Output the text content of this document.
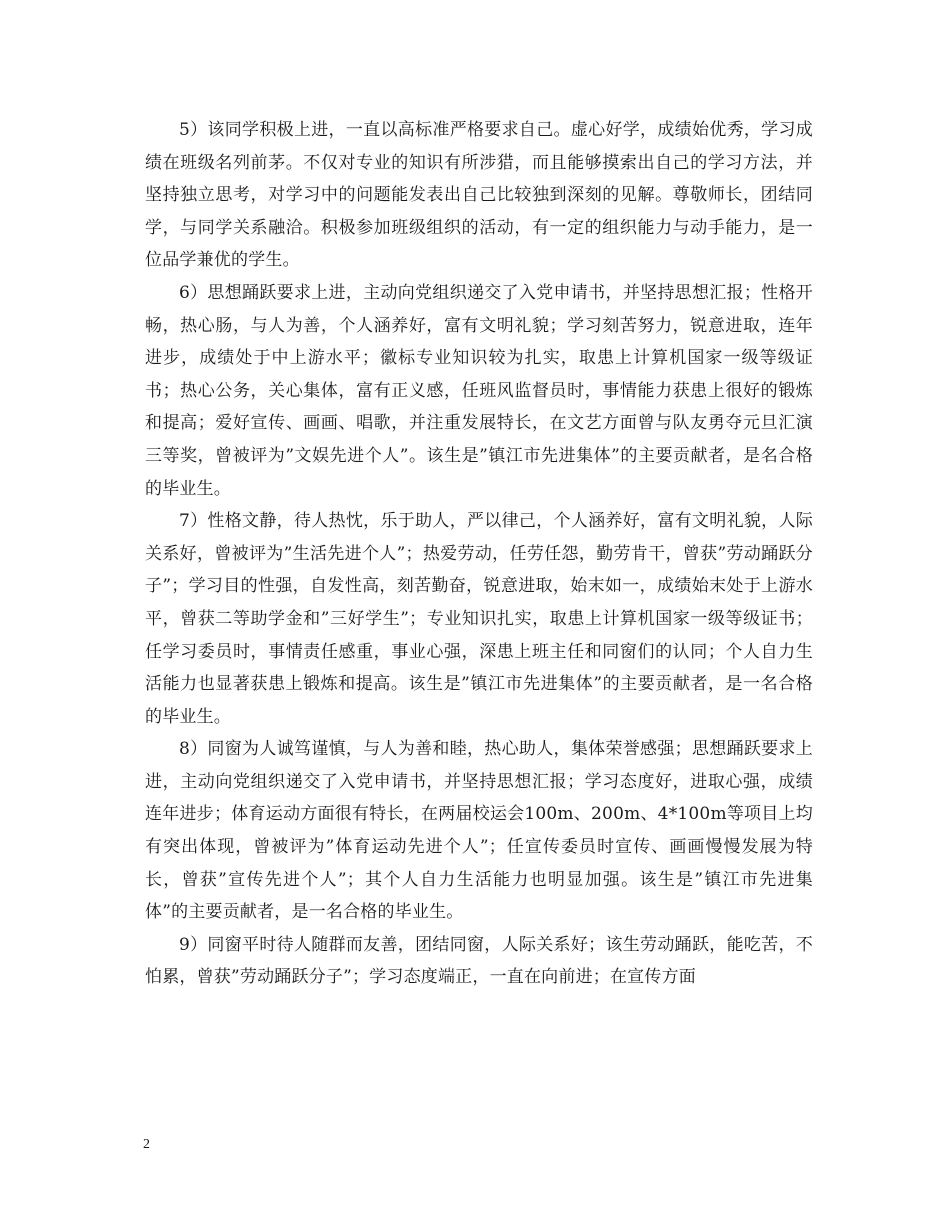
5）该同学积极上进，一直以高标准严格要求自己。虚心好学，成绩始优秀，学习成绩在班级名列前茅。不仅对专业的知识有所涉猎，而且能够摸索出自己的学习方法，并坚持独立思考，对学习中的问题能发表出自己比较独到深刻的见解。尊敬师长，团结同学，与同学关系融洽。积极参加班级组织的活动，有一定的组织能力与动手能力，是一位品学兼优的学生。

6）思想踊跃要求上进，主动向党组织递交了入党申请书，并坚持思想汇报；性格开畅，热心肠，与人为善，个人涵养好，富有文明礼貌；学习刻苦努力，锐意进取，连年进步，成绩处于中上游水平；徽标专业知识较为扎实，取患上计算机国家一级等级证书；热心公务，关心集体，富有正义感，任班风监督员时，事情能力获患上很好的锻炼和提高；爱好宣传、画画、唱歌，并注重发展特长，在文艺方面曾与队友勇夺元旦汇演三等奖，曾被评为”文娱先进个人”。该生是”镇江市先进集体”的主要贡献者，是名合格的毕业生。

7）性格文静，待人热忱，乐于助人，严以律己，个人涵养好，富有文明礼貌，人际关系好，曾被评为”生活先进个人”；热爱劳动，任劳任怨，勤劳肯干，曾获”劳动踊跃分子”；学习目的性强，自发性高，刻苦勤奋，锐意进取，始末如一，成绩始末处于上游水平，曾获二等助学金和”三好学生”；专业知识扎实，取患上计算机国家一级等级证书；任学习委员时，事情责任感重，事业心强，深患上班主任和同窗们的认同；个人自力生活能力也显著获患上锻炼和提高。该生是”镇江市先进集体”的主要贡献者，是一名合格的毕业生。

8）同窗为人诚笃谨慎，与人为善和睦，热心助人，集体荣誉感强；思想踊跃要求上进，主动向党组织递交了入党申请书，并坚持思想汇报；学习态度好，进取心强，成绩连年进步；体育运动方面很有特长，在两届校运会100m、200m、4*100m等项目上均有突出体现，曾被评为”体育运动先进个人”；任宣传委员时宣传、画画慢慢发展为特长，曾获”宣传先进个人”；其个人自力生活能力也明显加强。该生是”镇江市先进集体”的主要贡献者，是一名合格的毕业生。

9）同窗平时待人随群而友善，团结同窗，人际关系好；该生劳动踊跃，能吃苦，不怕累，曾获”劳动踊跃分子”；学习态度端正，一直在向前进；在宣传方面

2
